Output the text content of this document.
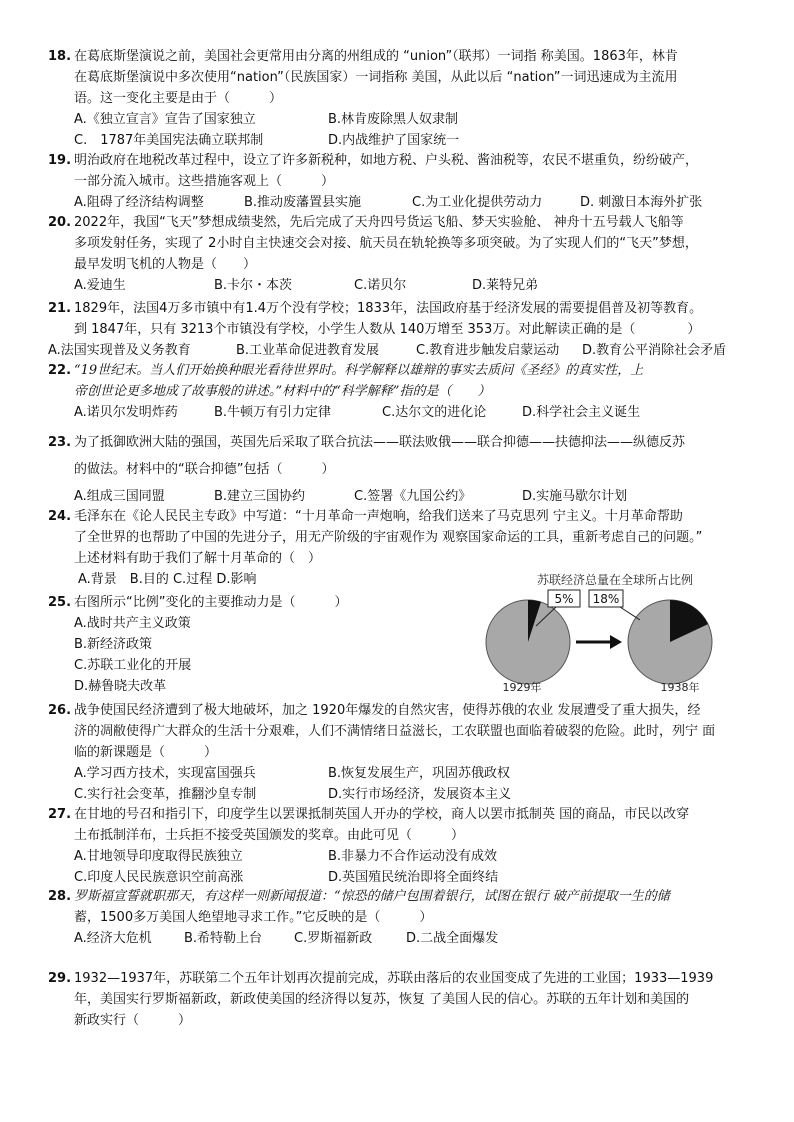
18. 在葛底斯堡演说之前，美国社会更常用由分离的州组成的 “union”（联邦）一词指 称美国。1863年，林肯

在葛底斯堡演说中多次使用“nation”（民族国家）一词指称 美国，从此以后 “nation”一词迅速成为主流用

语。这一变化主要是由于（　　　）

A.《独立宣言》宣告了国家独立	B.林肯废除黑人奴隶制
C.　1787年美国宪法确立联邦制	D.内战维护了国家统一

19. 明治政府在地税改革过程中，设立了许多新税种，如地方税、户头税、酱油税等，农民不堪重负，纷纷破产，

一部分流入城市。这些措施客观上（　　　）

A.阻碍了经济结构调整	B.推动废藩置县实施	C.为工业化提供劳动力	D. 刺激日本海外扩张

20. 2022年，我国“飞天”梦想成绩斐然，先后完成了天舟四号货运飞船、梦天实验舱、 神舟十五号载人飞船等

多项发射任务，实现了 2小时自主快速交会对接、航天员在轨轮换等多项突破。为了实现人们的“飞天”梦想，

最早发明飞机的人物是（　　）

A.爱迪生	B.卡尔・本茨	C.诺贝尔	D.莱特兄弟

21. 1829年，法国4万多市镇中有1.4万个没有学校；1833年，法国政府基于经济发展的需要提倡普及初等教育。

到 1847年，只有 3213个市镇没有学校，小学生人数从 140万增至 353万。对此解读正确的是（　　　　）

A.法国实现普及义务教育	B.工业革命促进教育发展	C.教育进步触发启蒙运动	D.教育公平消除社会矛盾

22. “19世纪末。当人们开始换种眼光看待世界时。科学解释以雄辩的事实去质问《圣经》的真实性，上

帝创世论更多地成了故事般的讲述。”材料中的“科学解释”指的是（　　）

A.诺贝尔发明炸药	B.牛顿万有引力定律	C.达尔文的进化论	D.科学社会主义诞生

23. 为了抵御欧洲大陆的强国，英国先后采取了联合抗法——联法败俄——联合抑德——扶德抑法——纵德反苏

的做法。材料中的“联合抑德”包括（　　　）

A.组成三国同盟	B.建立三国协约	C.签署《九国公约》	D.实施马歇尔计划

24. 毛泽东在《论人民民主专政》中写道：“十月革命一声炮响，给我们送来了马克思列 宁主义。十月革命帮助

了全世界的也帮助了中国的先进分子，用无产阶级的宇宙观作为 观察国家命运的工具，重新考虑自己的问题。”

上述材料有助于我们了解十月革命的（　）

A.背景　B.目的 C.过程 D.影响

25. 右图所示“比例”变化的主要推动力是（　　　）

A.战时共产主义政策
B.新经济政策
C.苏联工业化的开展
D.赫鲁晓夫改革
苏联经济总量在全球所占比例
5% 18%
1929年	1938年

26. 战争使国民经济遭到了极大地破坏，加之 1920年爆发的自然灾害，使得苏俄的农业 发展遭受了重大损失，经

济的凋敝使得广大群众的生活十分艰难，人们不满情绪日益滋长，工农联盟也面临着破裂的危险。此时，列宁 面

临的新课题是（　　　）

A.学习西方技术，实现富国强兵	B.恢复发展生产，巩固苏俄政权
C.实行社会变革，推翻沙皇专制	D.实行市场经济，发展资本主义

27. 在甘地的号召和指引下，印度学生以罢课抵制英国人开办的学校，商人以罢市抵制英 国的商品，市民以改穿

土布抵制洋布，士兵拒不接受英国颁发的奖章。由此可见（　　　）

A.甘地领导印度取得民族独立	B.非暴力不合作运动没有成效
C.印度人民民族意识空前高涨	D.英国殖民统治即将全面终结

28. 罗斯福宣誓就职那天，有这样一则新闻报道：“惊恐的储户包围着银行，试图在银行 破产前提取一生的储

蓄，1500多万美国人绝望地寻求工作。”它反映的是（　　　）

A.经济大危机	B.希特勒上台	C.罗斯福新政	D.二战全面爆发

29. 1932—1937年，苏联第二个五年计划再次提前完成，苏联由落后的农业国变成了先进的工业国；1933—1939

年，美国实行罗斯福新政，新政使美国的经济得以复苏，恢复 了美国人民的信心。苏联的五年计划和美国的

新政实行（　　　）
